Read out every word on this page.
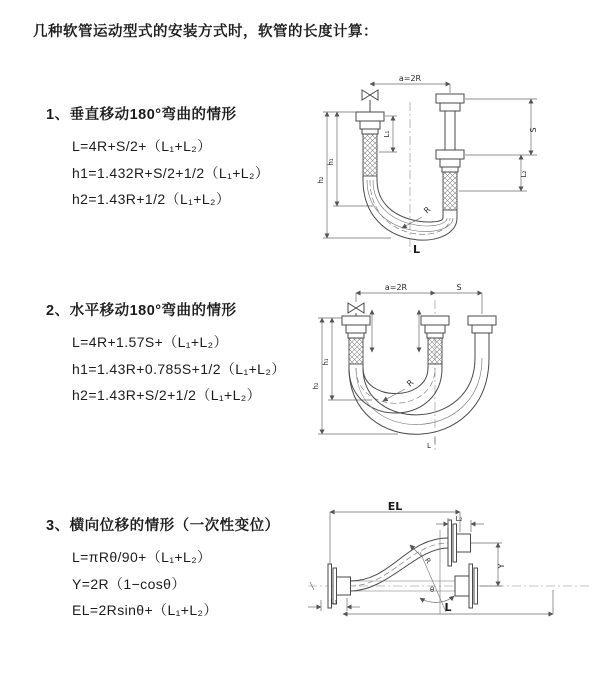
几种软管运动型式的安装方式时，软管的长度计算：
1、垂直移动180°弯曲的情形
L=4R+S/2+（L₁+L₂）
h1=1.432R+S/2+1/2（L₁+L₂）
h2=1.43R+1/2（L₁+L₂）
2、水平移动180°弯曲的情形
L=4R+1.57S+（L₁+L₂）
h1=1.43R+0.785S+1/2（L₁+L₂）
h2=1.43R+S/2+1/2（L₁+L₂）
3、横向位移的情形（一次性变位）
L=πRθ/90+（L₁+L₂）
Y=2R（1−cosθ）
EL=2Rsinθ+（L₁+L₂）
a=2R
L₁
S
L₂
h₁
h₂
R
L
a=2R	S
h₁
h₂	R
L
θ
R
EL
L₂
Y
L₁	L
